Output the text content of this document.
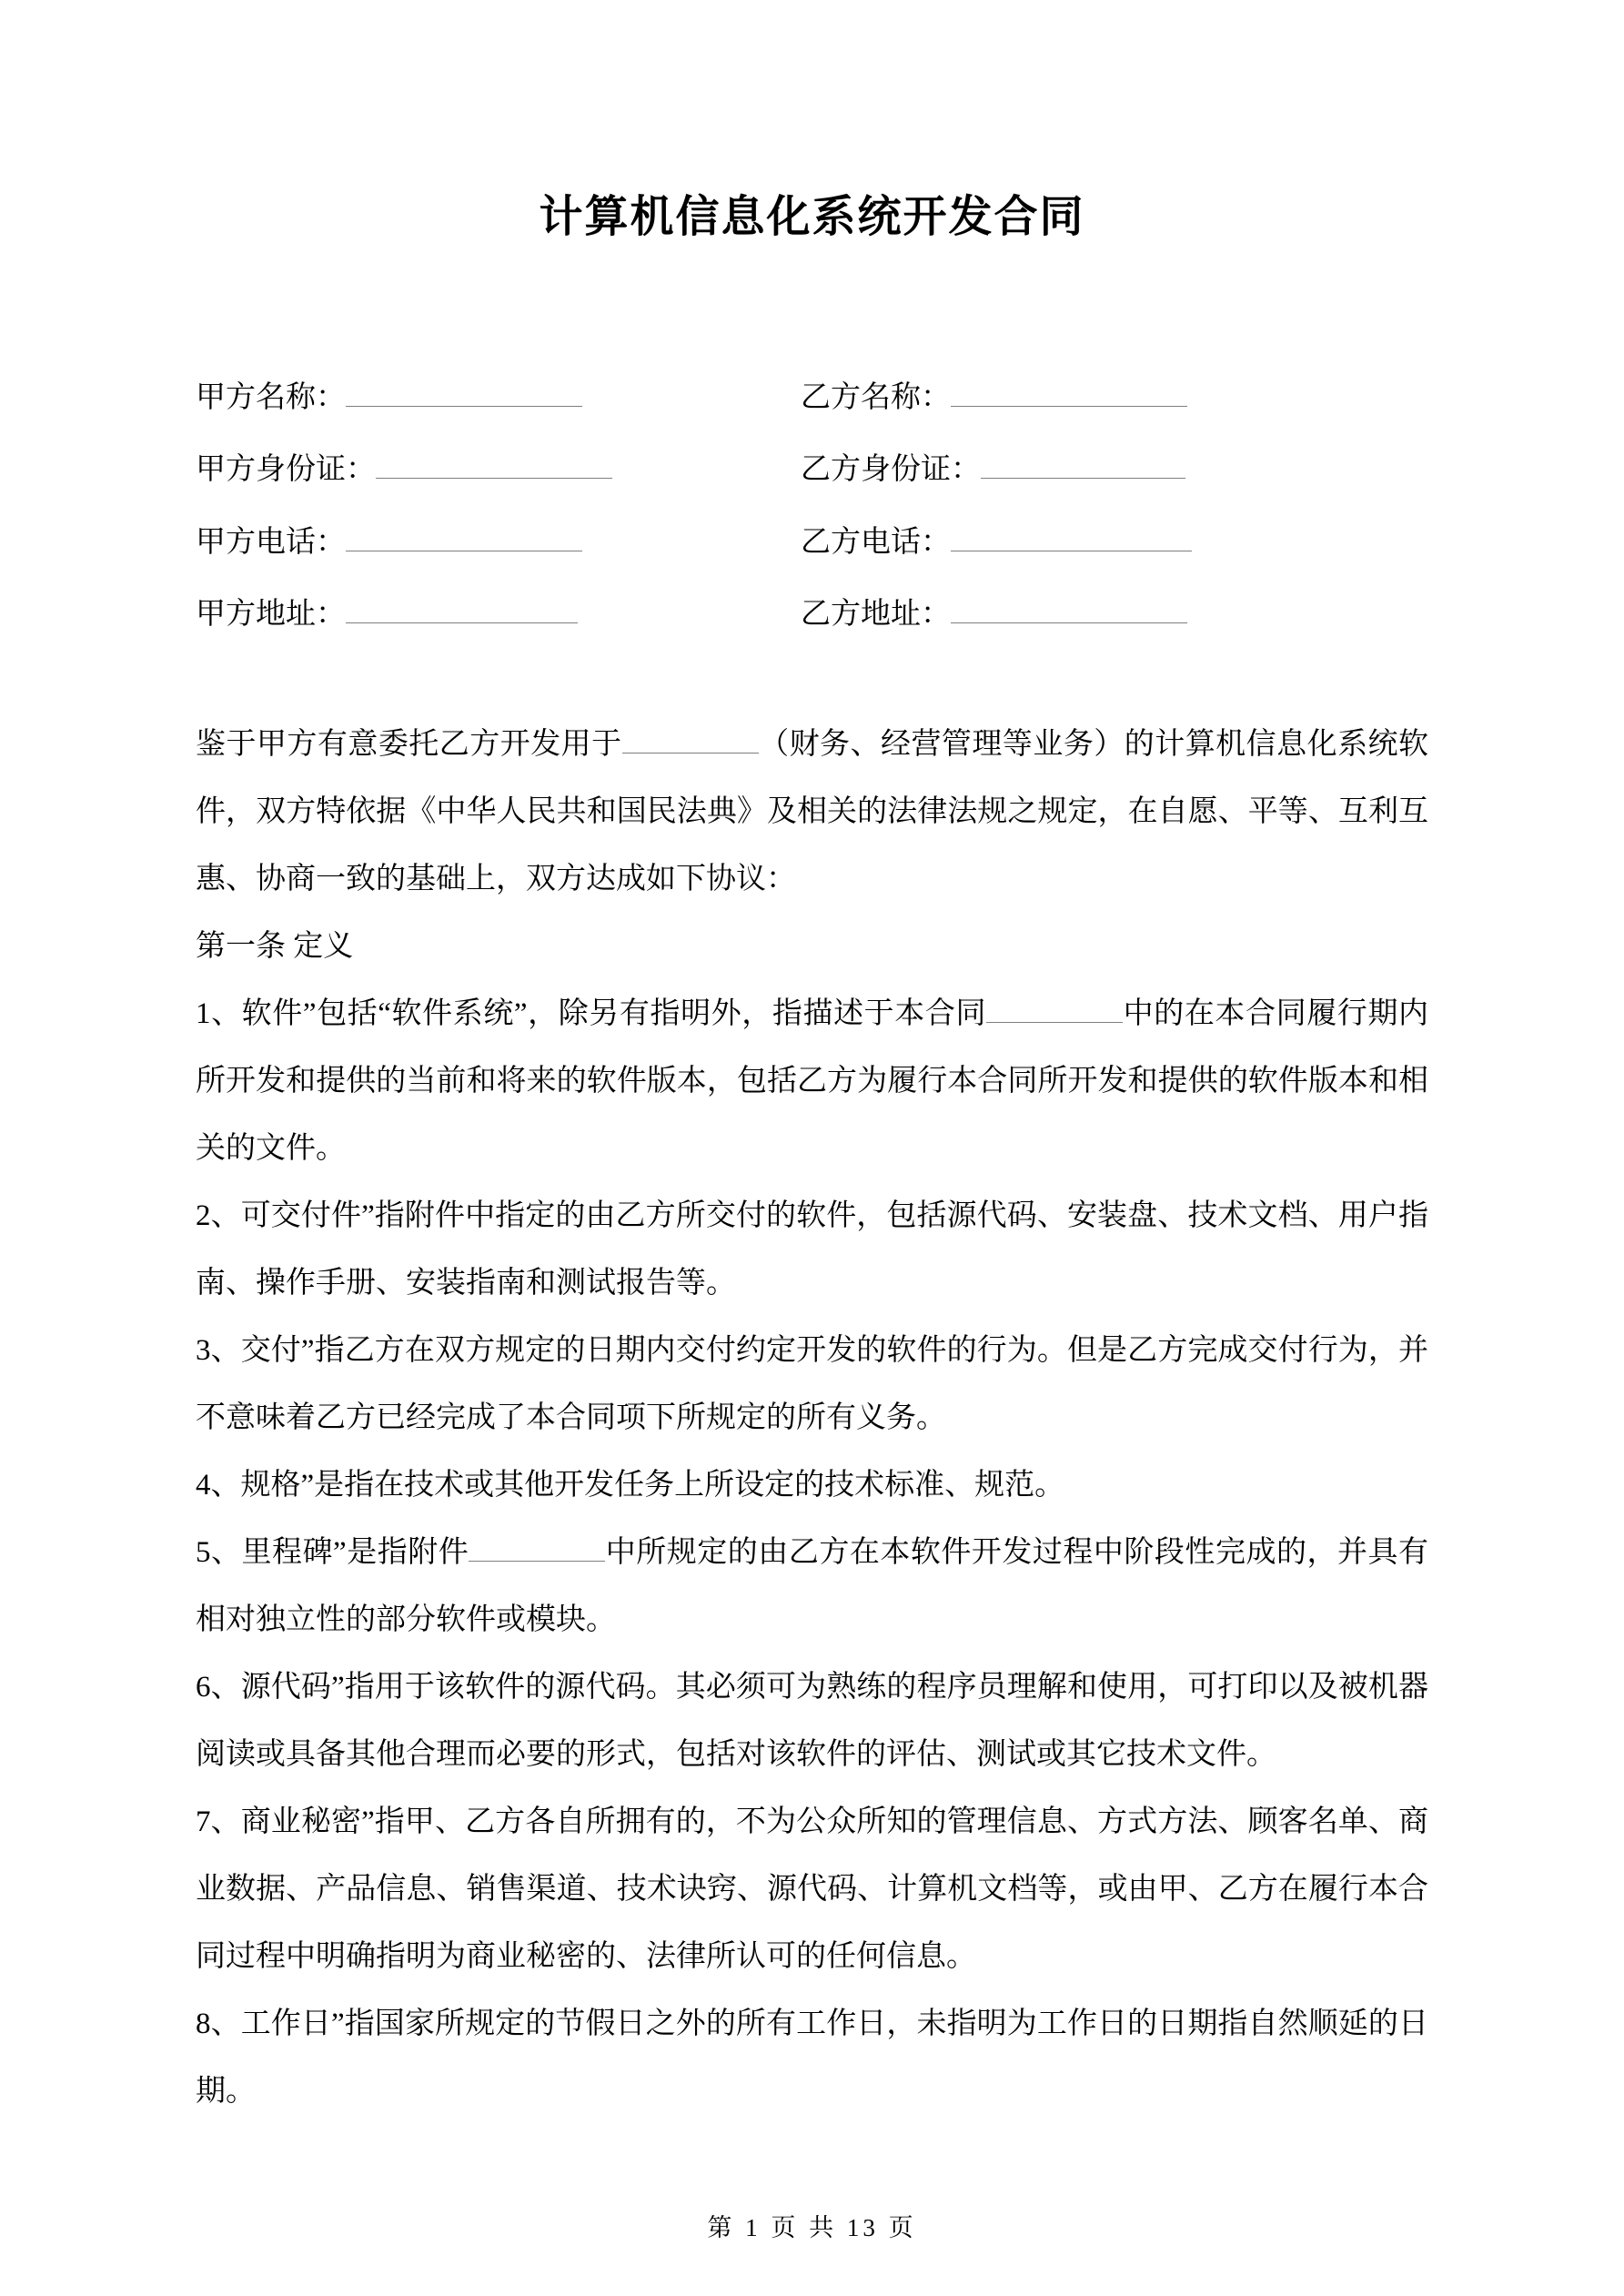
计算机信息化系统开发合同
甲方名称：	乙方名称：
甲方身份证：	乙方身份证：
甲方电话：	乙方电话：
甲方地址：	乙方地址：

鉴于甲方有意委托乙方开发用于	（财务、经营管理等业务）的计算机信息化系统软件，双方特依据《中华人民共和国民法典》及相关的法律法规之规定，在自愿、平等、互利互惠、协商一致的基础上，双方达成如下协议：

第一条 定义

1、软件”包括“软件系统”，除另有指明外，指描述于本合同	中的在本合同履行期内所开发和提供的当前和将来的软件版本，包括乙方为履行本合同所开发和提供的软件版本和相关的文件。

2、可交付件”指附件中指定的由乙方所交付的软件，包括源代码、安装盘、技术文档、用户指南、操作手册、安装指南和测试报告等。

3、交付”指乙方在双方规定的日期内交付约定开发的软件的行为。但是乙方完成交付行为，并不意味着乙方已经完成了本合同项下所规定的所有义务。

4、规格”是指在技术或其他开发任务上所设定的技术标准、规范。

5、里程碑”是指附件	中所规定的由乙方在本软件开发过程中阶段性完成的，并具有相对独立性的部分软件或模块。

6、源代码”指用于该软件的源代码。其必须可为熟练的程序员理解和使用，可打印以及被机器阅读或具备其他合理而必要的形式，包括对该软件的评估、测试或其它技术文件。

7、商业秘密”指甲、乙方各自所拥有的，不为公众所知的管理信息、方式方法、顾客名单、商业数据、产品信息、销售渠道、技术诀窍、源代码、计算机文档等，或由甲、乙方在履行本合同过程中明确指明为商业秘密的、法律所认可的任何信息。

8、工作日”指国家所规定的节假日之外的所有工作日，未指明为工作日的日期指自然顺延的日期。

第 1 页 共 13 页
